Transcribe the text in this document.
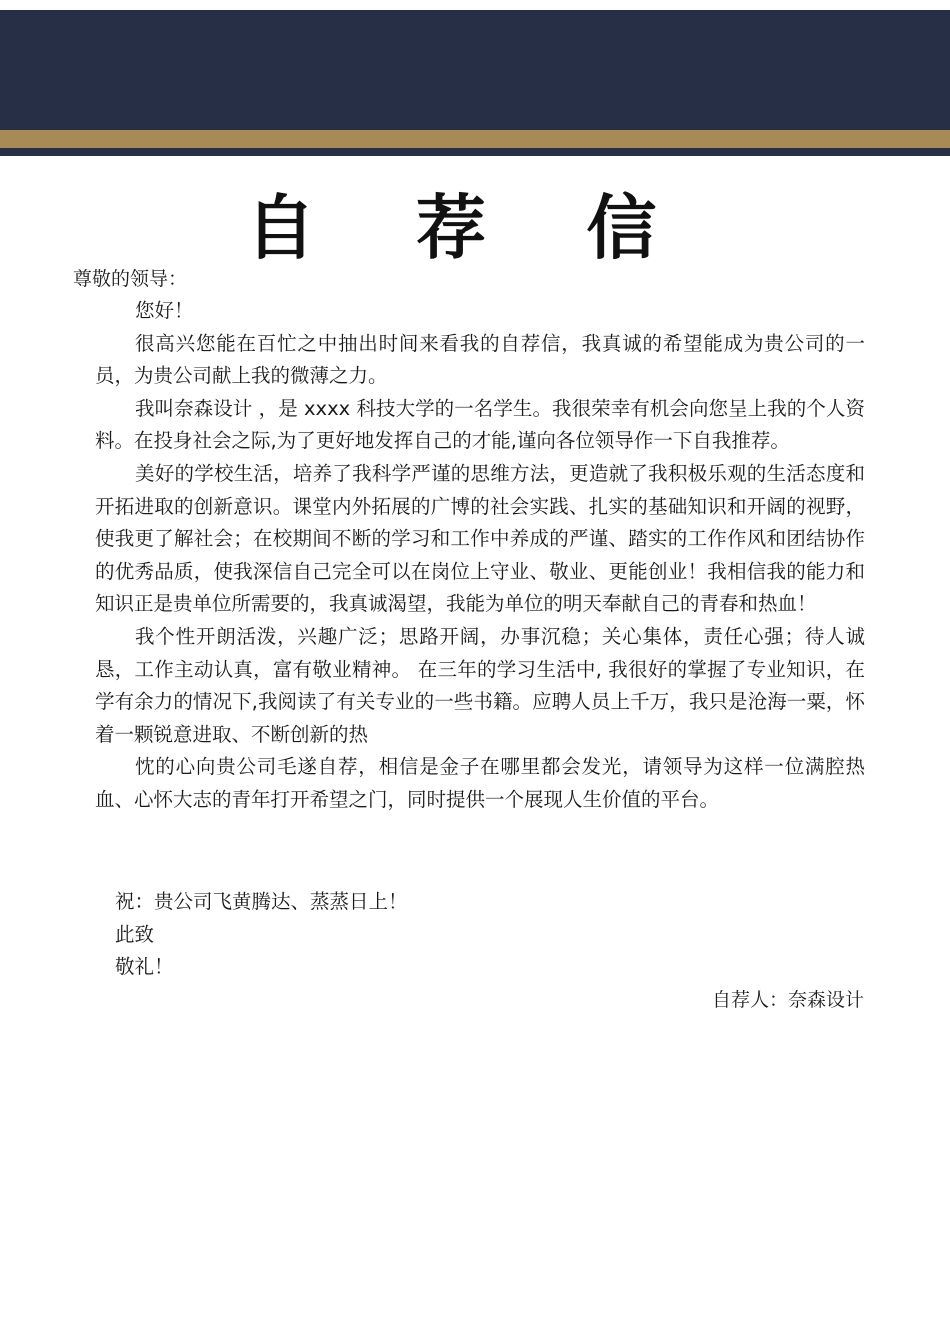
自 荐 信
尊敬的领导：

您好！

很高兴您能在百忙之中抽出时间来看我的自荐信，我真诚的希望能成为贵公司的一员，为贵公司献上我的微薄之力。

我叫奈森设计 ，是 xxxx 科技大学的一名学生。我很荣幸有机会向您呈上我的个人资料。在投身社会之际,为了更好地发挥自己的才能,谨向各位领导作一下自我推荐。

美好的学校生活，培养了我科学严谨的思维方法，更造就了我积极乐观的生活态度和开拓进取的创新意识。课堂内外拓展的广博的社会实践、扎实的基础知识和开阔的视野，使我更了解社会；在校期间不断的学习和工作中养成的严谨、踏实的工作作风和团结协作的优秀品质，使我深信自己完全可以在岗位上守业、敬业、更能创业！我相信我的能力和知识正是贵单位所需要的，我真诚渴望，我能为单位的明天奉献自己的青春和热血！

我个性开朗活泼，兴趣广泛；思路开阔，办事沉稳；关心集体，责任心强；待人诚恳，工作主动认真，富有敬业精神。 在三年的学习生活中, 我很好的掌握了专业知识，在学有余力的情况下,我阅读了有关专业的一些书籍。应聘人员上千万，我只是沧海一粟，怀着一颗锐意进取、不断创新的热

忱的心向贵公司毛遂自荐，相信是金子在哪里都会发光，请领导为这样一位满腔热血、心怀大志的青年打开希望之门，同时提供一个展现人生价值的平台。

祝：贵公司飞黄腾达、蒸蒸日上！
此致
敬礼！
自荐人：奈森设计
